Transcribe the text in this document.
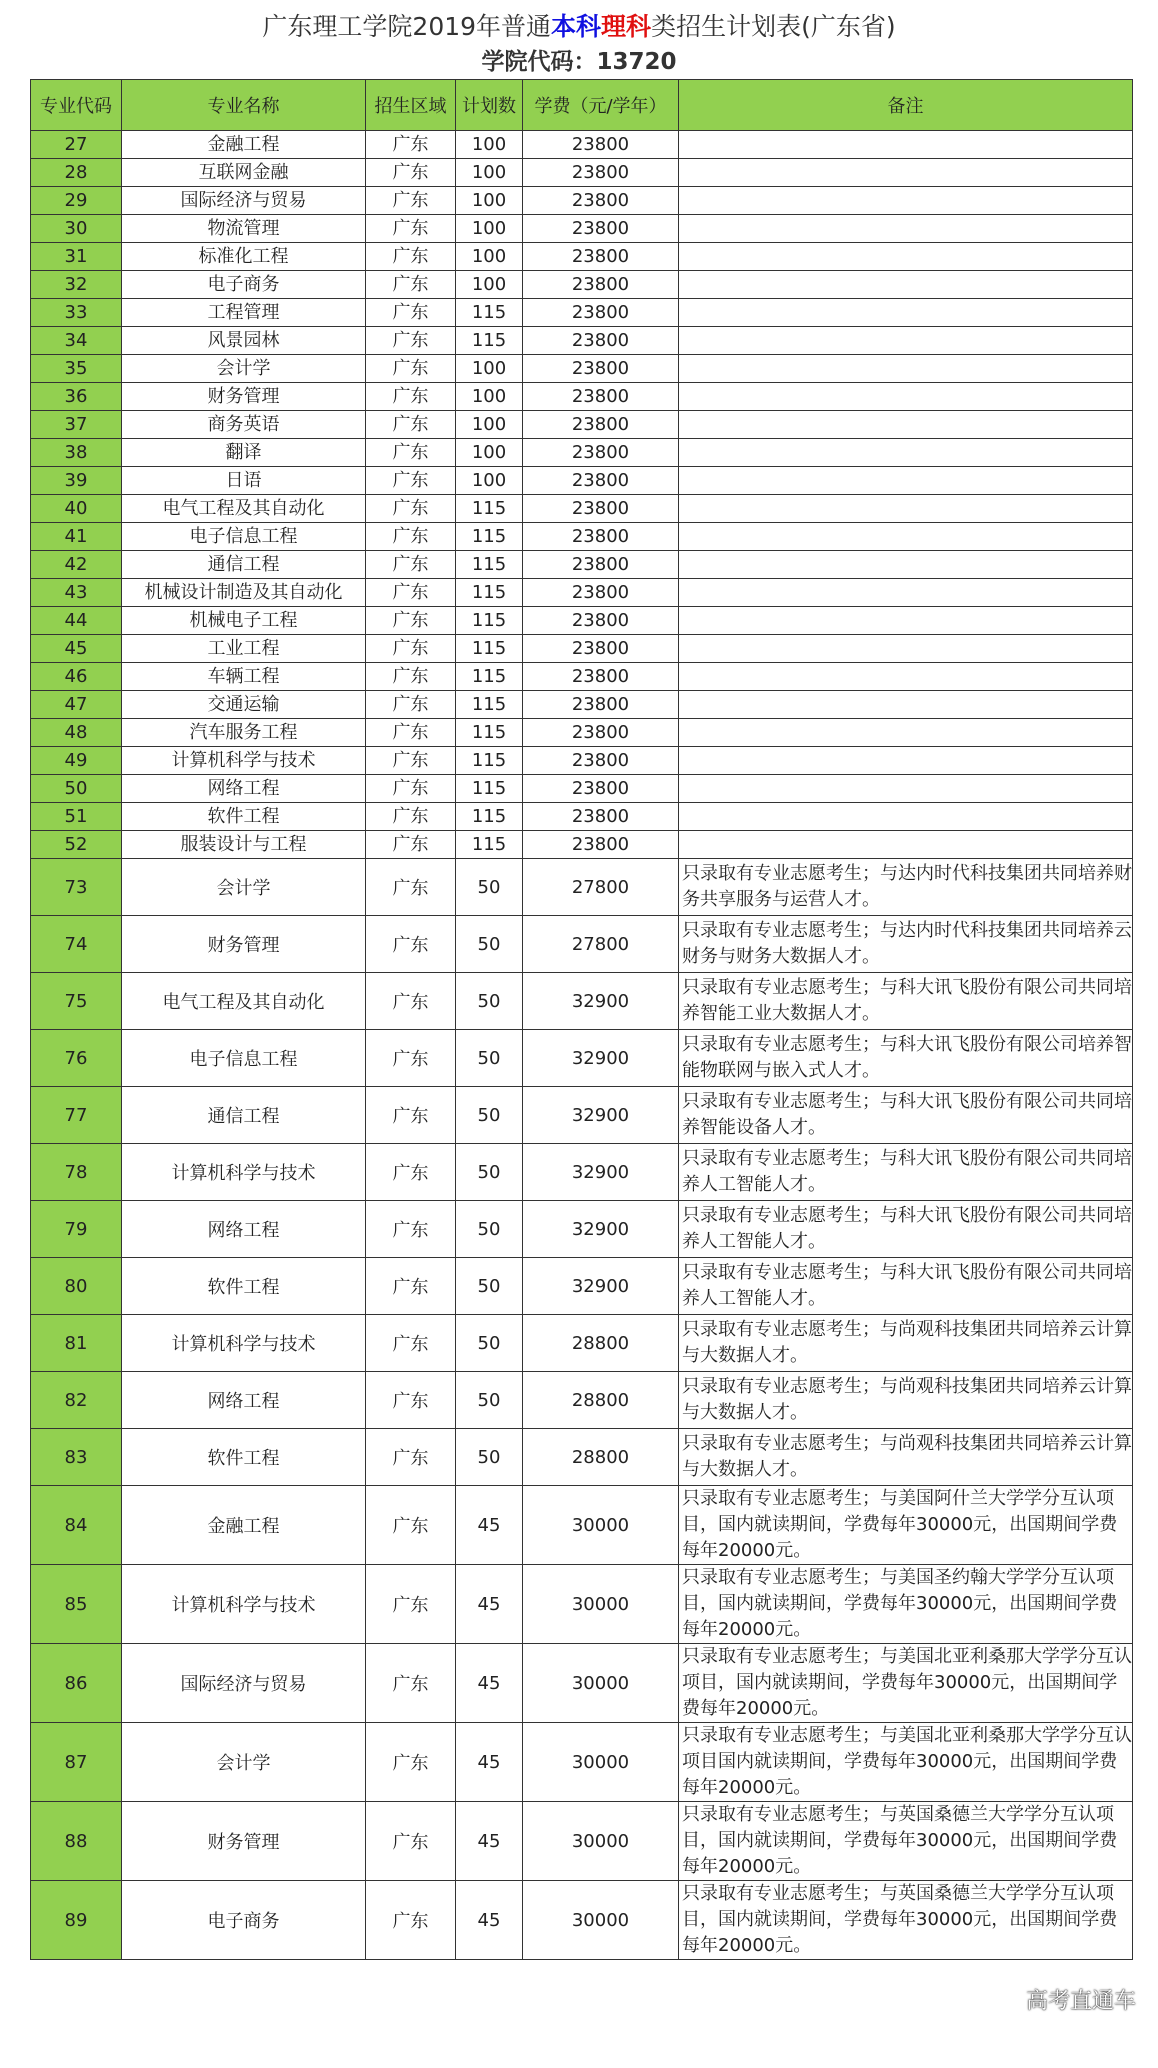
广东理工学院2019年普通本科理科类招生计划表(广东省)
学院代码：13720
专业代码	专业名称	招生区域	计划数	学费（元/学年）	备注
27	金融工程	广东	100	23800	
28	互联网金融	广东	100	23800	
29	国际经济与贸易	广东	100	23800	
30	物流管理	广东	100	23800	
31	标准化工程	广东	100	23800	
32	电子商务	广东	100	23800	
33	工程管理	广东	115	23800	
34	风景园林	广东	115	23800	
35	会计学	广东	100	23800	
36	财务管理	广东	100	23800	
37	商务英语	广东	100	23800	
38	翻译	广东	100	23800	
39	日语	广东	100	23800	
40	电气工程及其自动化	广东	115	23800	
41	电子信息工程	广东	115	23800	
42	通信工程	广东	115	23800	
43	机械设计制造及其自动化	广东	115	23800	
44	机械电子工程	广东	115	23800	
45	工业工程	广东	115	23800	
46	车辆工程	广东	115	23800	
47	交通运输	广东	115	23800	
48	汽车服务工程	广东	115	23800	
49	计算机科学与技术	广东	115	23800	
50	网络工程	广东	115	23800	
51	软件工程	广东	115	23800	
52	服装设计与工程	广东	115	23800	
73	会计学	广东	50	27800	只录取有专业志愿考生；与达内时代科技集团共同培养财务共享服务与运营人才。
74	财务管理	广东	50	27800	只录取有专业志愿考生；与达内时代科技集团共同培养云财务与财务大数据人才。
75	电气工程及其自动化	广东	50	32900	只录取有专业志愿考生；与科大讯飞股份有限公司共同培养智能工业大数据人才。
76	电子信息工程	广东	50	32900	只录取有专业志愿考生；与科大讯飞股份有限公司培养智能物联网与嵌入式人才。
77	通信工程	广东	50	32900	只录取有专业志愿考生；与科大讯飞股份有限公司共同培养智能设备人才。
78	计算机科学与技术	广东	50	32900	只录取有专业志愿考生；与科大讯飞股份有限公司共同培养人工智能人才。
79	网络工程	广东	50	32900	只录取有专业志愿考生；与科大讯飞股份有限公司共同培养人工智能人才。
80	软件工程	广东	50	32900	只录取有专业志愿考生；与科大讯飞股份有限公司共同培养人工智能人才。
81	计算机科学与技术	广东	50	28800	只录取有专业志愿考生；与尚观科技集团共同培养云计算与大数据人才。
82	网络工程	广东	50	28800	只录取有专业志愿考生；与尚观科技集团共同培养云计算与大数据人才。
83	软件工程	广东	50	28800	只录取有专业志愿考生；与尚观科技集团共同培养云计算与大数据人才。
84	金融工程	广东	45	30000	只录取有专业志愿考生；与美国阿什兰大学学分互认项目，国内就读期间，学费每年30000元，出国期间学费每年20000元。
85	计算机科学与技术	广东	45	30000	只录取有专业志愿考生；与美国圣约翰大学学分互认项目，国内就读期间，学费每年30000元，出国期间学费每年20000元。
86	国际经济与贸易	广东	45	30000	只录取有专业志愿考生；与美国北亚利桑那大学学分互认项目，国内就读期间，学费每年30000元，出国期间学费每年20000元。
87	会计学	广东	45	30000	只录取有专业志愿考生；与美国北亚利桑那大学学分互认项目国内就读期间，学费每年30000元，出国期间学费每年20000元。
88	财务管理	广东	45	30000	只录取有专业志愿考生；与英国桑德兰大学学分互认项目，国内就读期间，学费每年30000元，出国期间学费每年20000元。
89	电子商务	广东	45	30000	只录取有专业志愿考生；与英国桑德兰大学学分互认项目，国内就读期间，学费每年30000元，出国期间学费每年20000元。
高考直通车
